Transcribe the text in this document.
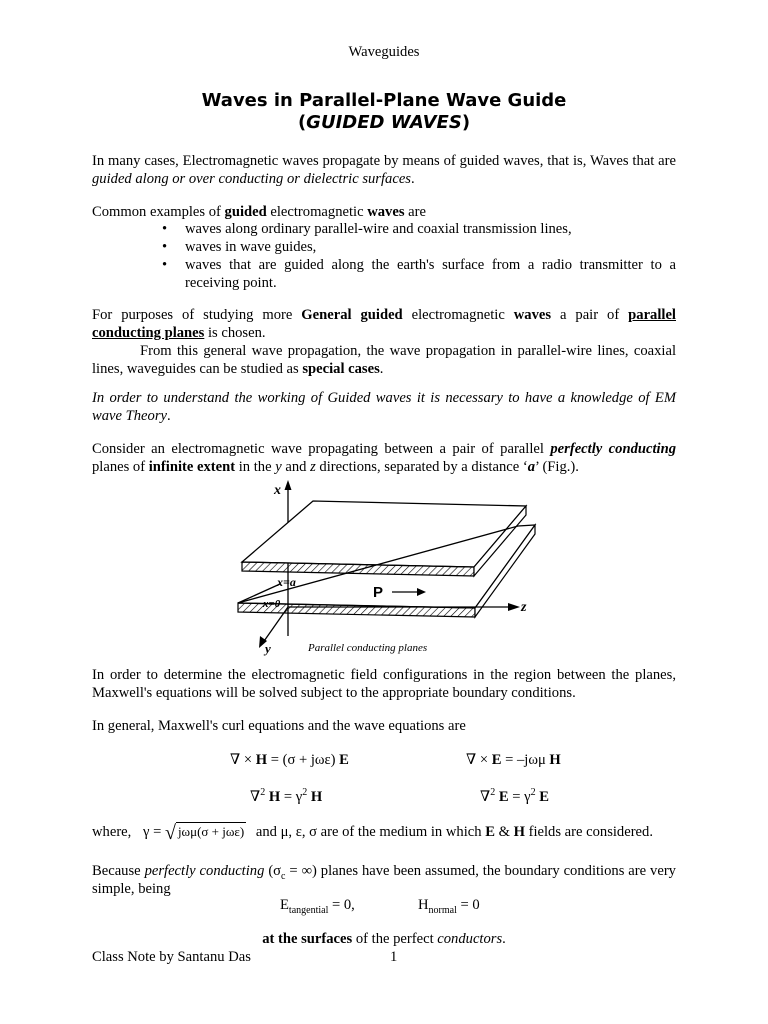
Waveguides
Waves in Parallel-Plane Wave Guide
(GUIDED WAVES)

In many cases, Electromagnetic waves propagate by means of guided waves, that is, Waves that are guided along or over conducting or dielectric surfaces.

Common examples of guided electromagnetic waves are

• waves along ordinary parallel-wire and coaxial transmission lines,
• waves in wave guides,
• waves that are guided along the earth's surface from a radio transmitter to a receiving point.

For purposes of studying more General guided electromagnetic waves a pair of parallel conducting planes is chosen.

From this general wave propagation, the wave propagation in parallel-wire lines, coaxial lines, waveguides can be studied as special cases.

In order to understand the working of Guided waves it is necessary to have a knowledge of EM wave Theory.

Consider an electromagnetic wave propagating between a pair of parallel perfectly conducting planes of infinite extent in the y and z directions, separated by a distance ‘a’ (Fig.).

x
x=a
x=0
P
z
y	Parallel conducting planes

In order to determine the electromagnetic field configurations in the region between the planes, Maxwell's equations will be solved subject to the appropriate boundary conditions.

In general, Maxwell's curl equations and the wave equations are

∇ × H = (σ + jωε) E	∇ × E = –jωμ H
∇$^2$ $H = \gamma^2$ H	∇$^2$ $E = \gamma^2$ E
where, γ = √ jωμ(σ + jωε) and μ, ε, σ are of the medium in which E & H fields are considered.

Because perfectly conducting ($\sigma_c$ = ∞) planes have been assumed, the boundary conditions are very simple, being

$E_{tangential} = 0$,	$H_{normal} = 0$
at the surfaces of the perfect conductors.
Class Note by Santanu Das	1
